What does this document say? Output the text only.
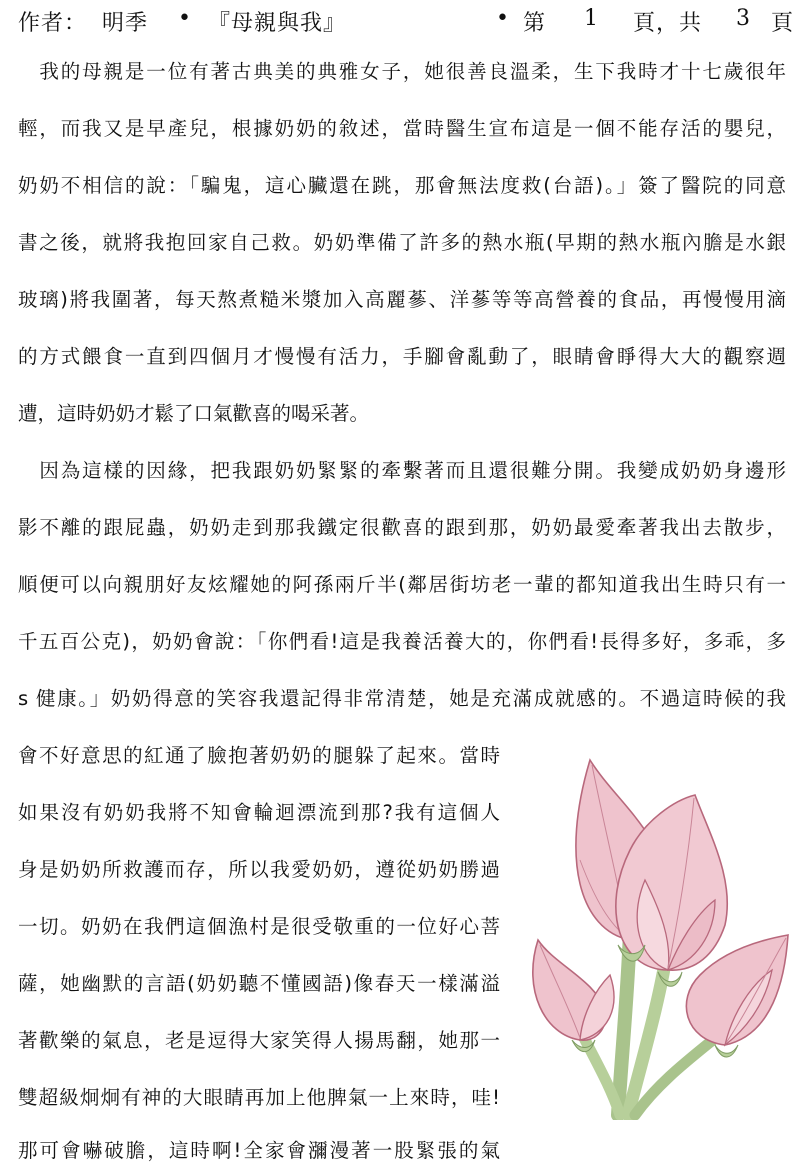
作者： 明季 • 『母親與我』	• 第 1 頁，共 3 頁
　我的母親是一位有著古典美的典雅女子，她很善良溫柔，生下我時才十七歲很年
輕，而我又是早產兒，根據奶奶的敘述，當時醫生宣布這是一個不能存活的嬰兒，
奶奶不相信的說：「騙鬼，這心臟還在跳，那會無法度救(台語)。」簽了醫院的同意
書之後，就將我抱回家自己救。奶奶準備了許多的熱水瓶(早期的熱水瓶內膽是水銀
玻璃)將我圍著，每天熬煮糙米漿加入高麗蔘、洋蔘等等高營養的食品，再慢慢用滴
的方式餵食一直到四個月才慢慢有活力，手腳會亂動了，眼睛會睜得大大的觀察週
遭，這時奶奶才鬆了口氣歡喜的喝采著。
　因為這樣的因緣，把我跟奶奶緊緊的牽繫著而且還很難分開。我變成奶奶身邊形
影不離的跟屁蟲，奶奶走到那我鐵定很歡喜的跟到那，奶奶最愛牽著我出去散步，
順便可以向親朋好友炫耀她的阿孫兩斤半(鄰居街坊老一輩的都知道我出生時只有一
千五百公克)，奶奶會說：「你們看!這是我養活養大的，你們看!長得多好，多乖，多
s 健康。」奶奶得意的笑容我還記得非常清楚，她是充滿成就感的。不過這時候的我
會不好意思的紅通了臉抱著奶奶的腿躲了起來。當時
如果沒有奶奶我將不知會輪迴漂流到那?我有這個人
身是奶奶所救護而存，所以我愛奶奶，遵從奶奶勝過
一切。奶奶在我們這個漁村是很受敬重的一位好心菩
薩，她幽默的言語(奶奶聽不懂國語)像春天一樣滿溢
著歡樂的氣息，老是逗得大家笑得人揚馬翻，她那一
雙超級炯炯有神的大眼睛再加上他脾氣一上來時，哇!
那可會嚇破膽，這時啊!全家會瀰漫著一股緊張的氣
